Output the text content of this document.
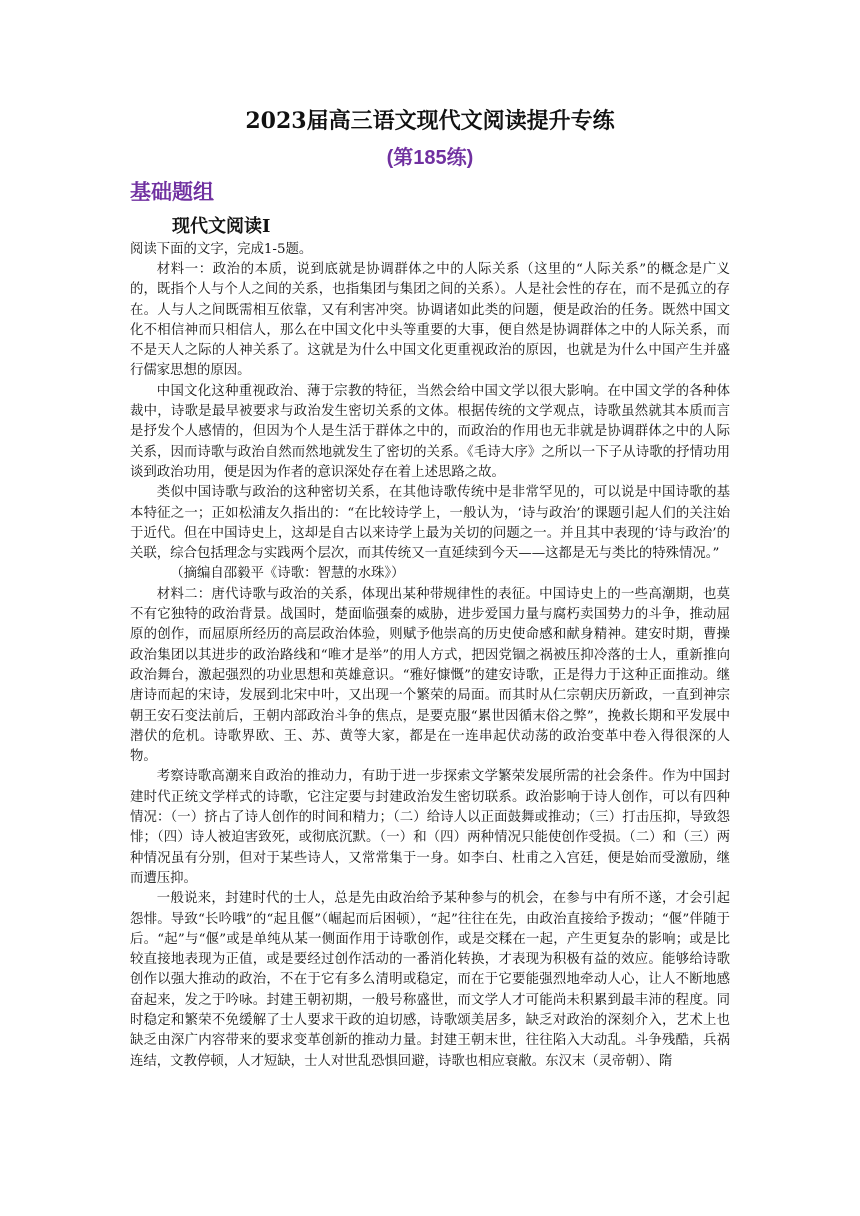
2023届高三语文现代文阅读提升专练
(第185练)
基础题组
现代文阅读Ⅰ
阅读下面的文字，完成1-5题。

材料一：政治的本质，说到底就是协调群体之中的人际关系（这里的“人际关系”的概念是广义的，既指个人与个人之间的关系，也指集团与集团之间的关系）。人是社会性的存在，而不是孤立的存在。人与人之间既需相互依靠，又有利害冲突。协调诸如此类的问题，便是政治的任务。既然中国文化不相信神而只相信人，那么在中国文化中头等重要的大事，便自然是协调群体之中的人际关系，而不是天人之际的人神关系了。这就是为什么中国文化更重视政治的原因，也就是为什么中国产生并盛行儒家思想的原因。

中国文化这种重视政治、薄于宗教的特征，当然会给中国文学以很大影响。在中国文学的各种体裁中，诗歌是最早被要求与政治发生密切关系的文体。根据传统的文学观点，诗歌虽然就其本质而言是抒发个人感情的，但因为个人是生活于群体之中的，而政治的作用也无非就是协调群体之中的人际关系，因而诗歌与政治自然而然地就发生了密切的关系。《毛诗大序》之所以一下子从诗歌的抒情功用谈到政治功用，便是因为作者的意识深处存在着上述思路之故。

类似中国诗歌与政治的这种密切关系，在其他诗歌传统中是非常罕见的，可以说是中国诗歌的基本特征之一；正如松浦友久指出的：“在比较诗学上，一般认为，‘诗与政治’的课题引起人们的关注始于近代。但在中国诗史上，这却是自古以来诗学上最为关切的问题之一。并且其中表现的‘诗与政治’的关联，综合包括理念与实践两个层次，而其传统又一直延续到今天——这都是无与类比的特殊情况。”

（摘编自邵毅平《诗歌：智慧的水珠》）

材料二：唐代诗歌与政治的关系，体现出某种带规律性的表征。中国诗史上的一些高潮期，也莫不有它独特的政治背景。战国时，楚面临强秦的威胁，进步爱国力量与腐朽卖国势力的斗争，推动屈原的创作，而屈原所经历的高层政治体验，则赋予他崇高的历史使命感和献身精神。建安时期，曹操政治集团以其进步的政治路线和“唯才是举”的用人方式，把因党锢之祸被压抑冷落的士人，重新推向政治舞台，激起强烈的功业思想和英雄意识。“雅好慷慨”的建安诗歌，正是得力于这种正面推动。继唐诗而起的宋诗，发展到北宋中叶，又出现一个繁荣的局面。而其时从仁宗朝庆历新政，一直到神宗朝王安石变法前后，王朝内部政治斗争的焦点，是要克服“累世因循末俗之弊”，挽救长期和平发展中潜伏的危机。诗歌界欧、王、苏、黄等大家，都是在一连串起伏动荡的政治变革中卷入得很深的人物。

考察诗歌高潮来自政治的推动力，有助于进一步探索文学繁荣发展所需的社会条件。作为中国封建时代正统文学样式的诗歌，它注定要与封建政治发生密切联系。政治影响于诗人创作，可以有四种情况：（一）挤占了诗人创作的时间和精力；（二）给诗人以正面鼓舞或推动；（三）打击压抑，导致怨悱；（四）诗人被迫害致死，或彻底沉默。（一）和（四）两种情况只能使创作受损。（二）和（三）两种情况虽有分别，但对于某些诗人，又常常集于一身。如李白、杜甫之入宫廷，便是始而受激励，继而遭压抑。

一般说来，封建时代的士人，总是先由政治给予某种参与的机会，在参与中有所不遂，才会引起怨悱。导致“长吟哦”的“起且偃”（崛起而后困顿），“起”往往在先，由政治直接给予拨动；“偃”伴随于后。“起”与“偃”或是单纯从某一侧面作用于诗歌创作，或是交糅在一起，产生更复杂的影响；或是比较直接地表现为正值，或是要经过创作活动的一番消化转换，才表现为积极有益的效应。能够给诗歌创作以强大推动的政治，不在于它有多么清明或稳定，而在于它要能强烈地牵动人心，让人不断地感奋起来，发之于吟咏。封建王朝初期，一般号称盛世，而文学人才可能尚未积累到最丰沛的程度。同时稳定和繁荣不免缓解了士人要求干政的迫切感，诗歌颂美居多，缺乏对政治的深刻介入，艺术上也缺乏由深广内容带来的要求变革创新的推动力量。封建王朝末世，往往陷入大动乱。斗争残酷，兵祸连结，文教停顿，人才短缺，士人对世乱恐惧回避，诗歌也相应衰敝。东汉末（灵帝朝）、隋
